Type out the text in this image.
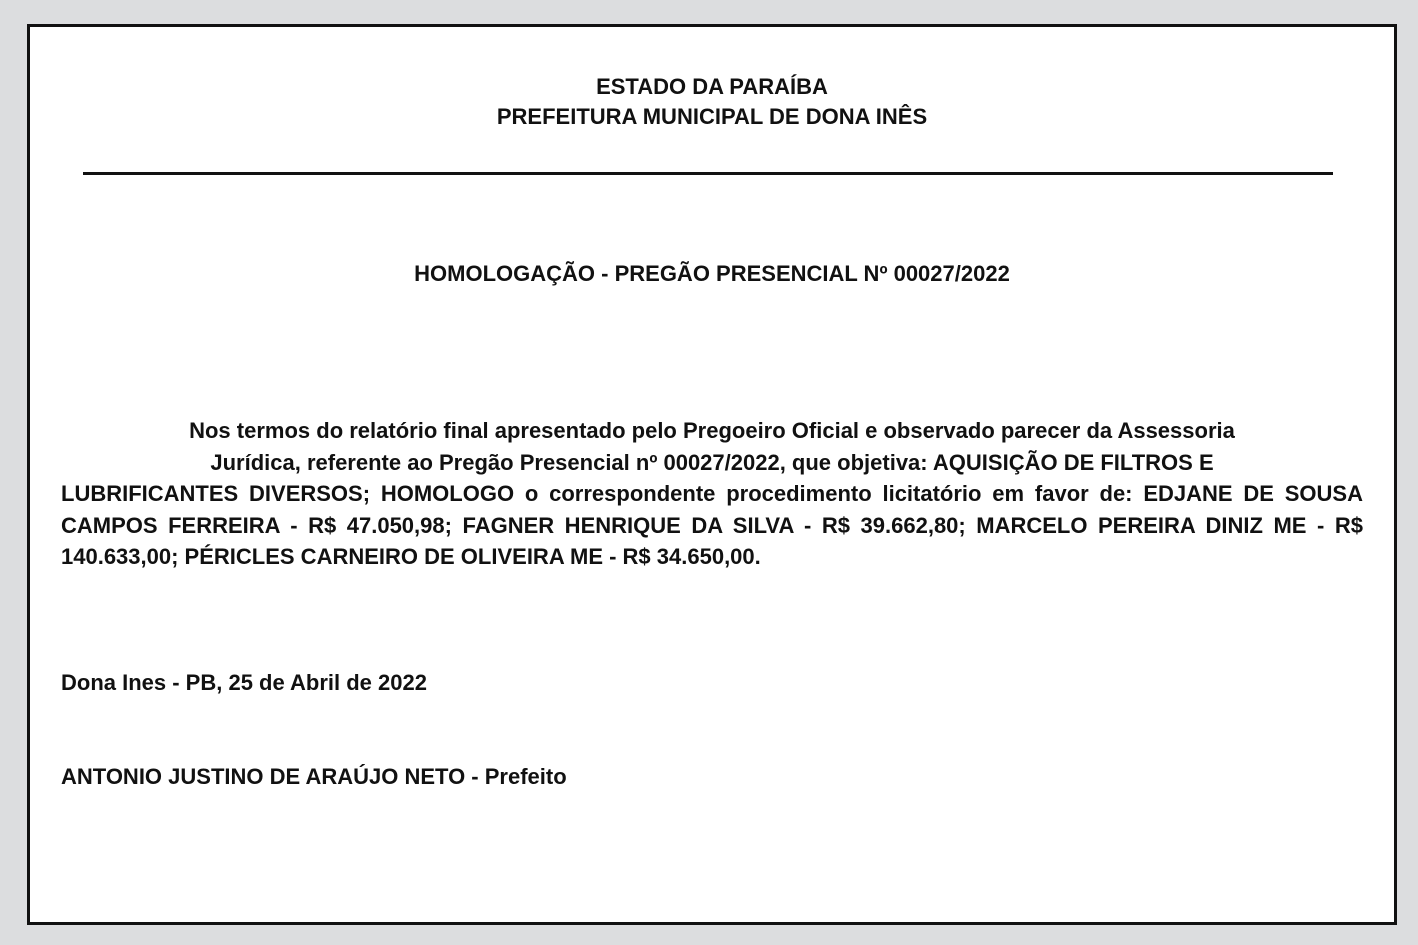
ESTADO DA PARAÍBA
PREFEITURA MUNICIPAL DE DONA INÊS
HOMOLOGAÇÃO - PREGÃO PRESENCIAL Nº 00027/2022
Nos termos do relatório final apresentado pelo Pregoeiro Oficial e observado parecer da Assessoria
Jurídica, referente ao Pregão Presencial nº 00027/2022, que objetiva: AQUISIÇÃO DE FILTROS E
LUBRIFICANTES DIVERSOS; HOMOLOGO o correspondente procedimento licitatório em favor de: EDJANE DE SOUSA CAMPOS FERREIRA - R$ 47.050,98; FAGNER HENRIQUE DA SILVA - R$ 39.662,80; MARCELO PEREIRA DINIZ ME - R$ 140.633,00; PÉRICLES CARNEIRO DE OLIVEIRA ME - R$ 34.650,00.
Dona Ines - PB, 25 de Abril de 2022
ANTONIO JUSTINO DE ARAÚJO NETO - Prefeito
